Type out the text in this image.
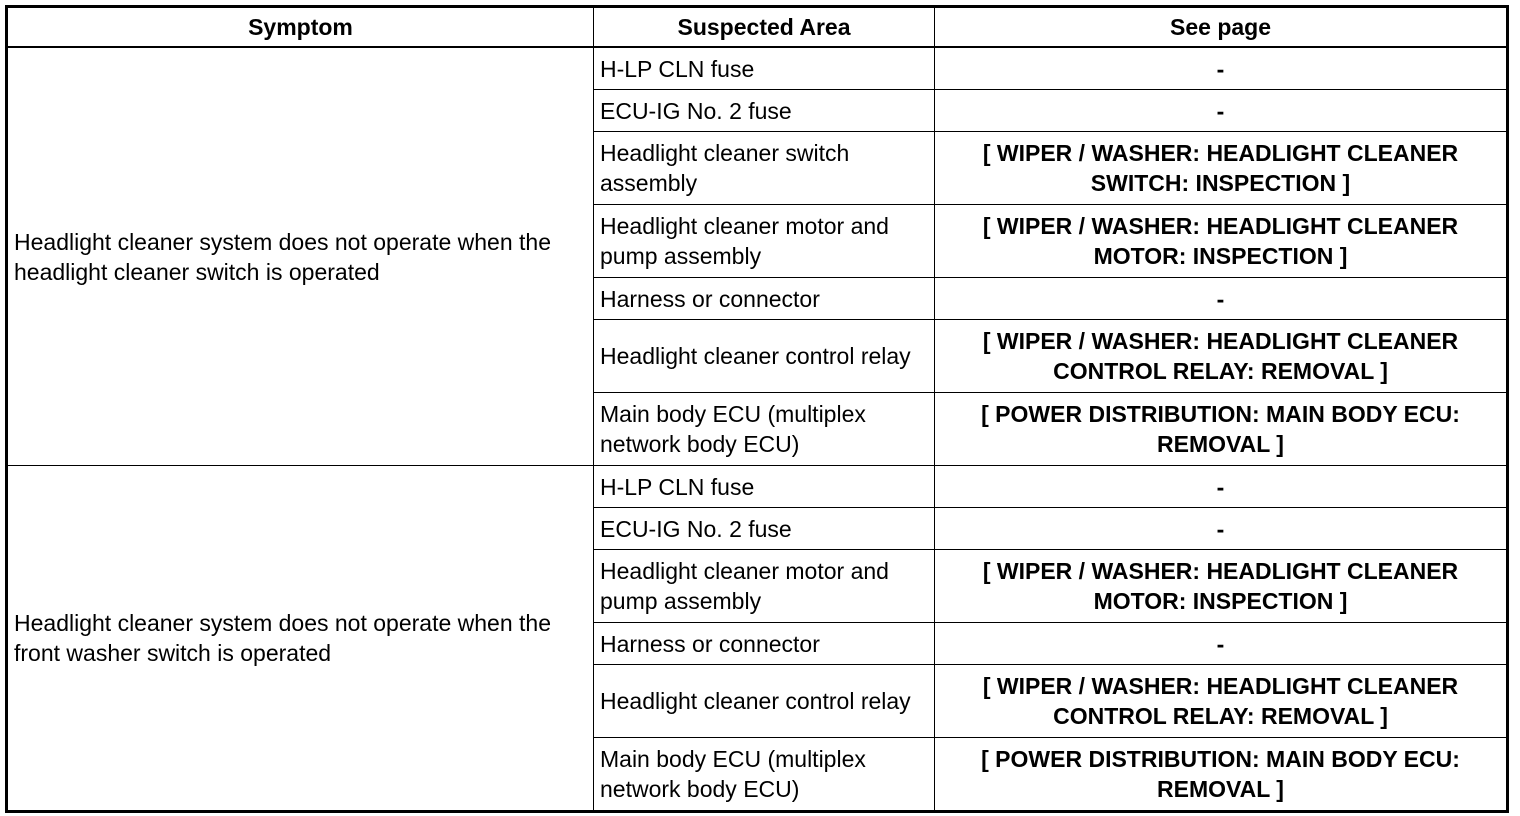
Symptom	Suspected Area	See page
Headlight cleaner system does not operate when the headlight cleaner switch is operated	H-LP CLN fuse	-
	ECU-IG No. 2 fuse	-
	Headlight cleaner switch assembly	[ WIPER / WASHER: HEADLIGHT CLEANER SWITCH: INSPECTION ]
	Headlight cleaner motor and pump assembly	[ WIPER / WASHER: HEADLIGHT CLEANER MOTOR: INSPECTION ]
	Harness or connector	-
	Headlight cleaner control relay	[ WIPER / WASHER: HEADLIGHT CLEANER CONTROL RELAY: REMOVAL ]
	Main body ECU (multiplex network body ECU)	[ POWER DISTRIBUTION: MAIN BODY ECU: REMOVAL ]
Headlight cleaner system does not operate when the front washer switch is operated	H-LP CLN fuse	-
	ECU-IG No. 2 fuse	-
	Headlight cleaner motor and pump assembly	[ WIPER / WASHER: HEADLIGHT CLEANER MOTOR: INSPECTION ]
	Harness or connector	-
	Headlight cleaner control relay	[ WIPER / WASHER: HEADLIGHT CLEANER CONTROL RELAY: REMOVAL ]
	Main body ECU (multiplex network body ECU)	[ POWER DISTRIBUTION: MAIN BODY ECU: REMOVAL ]
